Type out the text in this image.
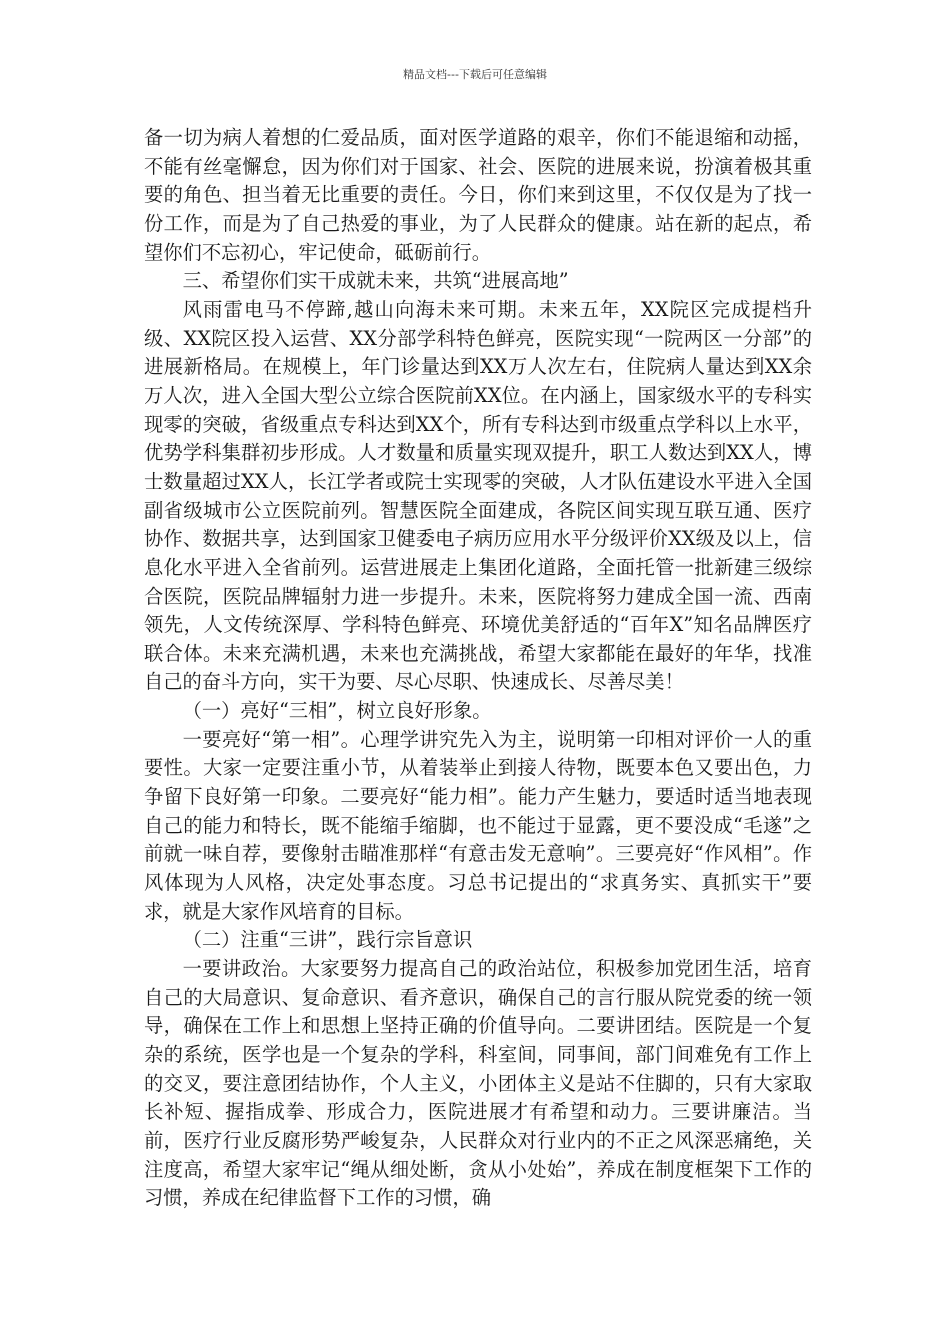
精品文档---下载后可任意编辑

备一切为病人着想的仁爱品质，面对医学道路的艰辛，你们不能退缩和动摇，不能有丝毫懈怠，因为你们对于国家、社会、医院的进展来说，扮演着极其重要的角色、担当着无比重要的责任。今日，你们来到这里，不仅仅是为了找一份工作，而是为了自己热爱的事业，为了人民群众的健康。站在新的起点，希望你们不忘初心，牢记使命，砥砺前行。

三、希望你们实干成就未来，共筑“进展高地”

风雨雷电马不停蹄,越山向海未来可期。未来五年，XX院区完成提档升级、XX院区投入运营、XX分部学科特色鲜亮，医院实现“一院两区一分部”的进展新格局。在规模上，年门诊量达到XX万人次左右，住院病人量达到XX余万人次，进入全国大型公立综合医院前XX位。在内涵上，国家级水平的专科实现零的突破，省级重点专科达到XX个，所有专科达到市级重点学科以上水平，优势学科集群初步形成。人才数量和质量实现双提升，职工人数达到XX人，博士数量超过XX人，长江学者或院士实现零的突破，人才队伍建设水平进入全国副省级城市公立医院前列。智慧医院全面建成，各院区间实现互联互通、医疗协作、数据共享，达到国家卫健委电子病历应用水平分级评价XX级及以上，信息化水平进入全省前列。运营进展走上集团化道路，全面托管一批新建三级综合医院，医院品牌辐射力进一步提升。未来，医院将努力建成全国一流、西南领先，人文传统深厚、学科特色鲜亮、环境优美舒适的“百年X”知名品牌医疗联合体。未来充满机遇，未来也充满挑战，希望大家都能在最好的年华，找准自己的奋斗方向，实干为要、尽心尽职、快速成长、尽善尽美！

（一）亮好“三相”，树立良好形象。

一要亮好“第一相”。心理学讲究先入为主，说明第一印相对评价一人的重要性。大家一定要注重小节，从着装举止到接人待物，既要本色又要出色，力争留下良好第一印象。二要亮好“能力相”。能力产生魅力，要适时适当地表现自己的能力和特长，既不能缩手缩脚，也不能过于显露，更不要没成“毛遂”之前就一味自荐，要像射击瞄准那样“有意击发无意响”。三要亮好“作风相”。作风体现为人风格，决定处事态度。习总书记提出的“求真务实、真抓实干”要求，就是大家作风培育的目标。

（二）注重“三讲”，践行宗旨意识

一要讲政治。大家要努力提高自己的政治站位，积极参加党团生活，培育自己的大局意识、复命意识、看齐意识，确保自己的言行服从院党委的统一领导，确保在工作上和思想上坚持正确的价值导向。二要讲团结。医院是一个复杂的系统，医学也是一个复杂的学科，科室间，同事间，部门间难免有工作上的交叉，要注意团结协作，个人主义，小团体主义是站不住脚的，只有大家取长补短、握指成拳、形成合力，医院进展才有希望和动力。三要讲廉洁。当前，医疗行业反腐形势严峻复杂，人民群众对行业内的不正之风深恶痛绝，关注度高，希望大家牢记“绳从细处断，贪从小处始”，养成在制度框架下工作的习惯，养成在纪律监督下工作的习惯，确
